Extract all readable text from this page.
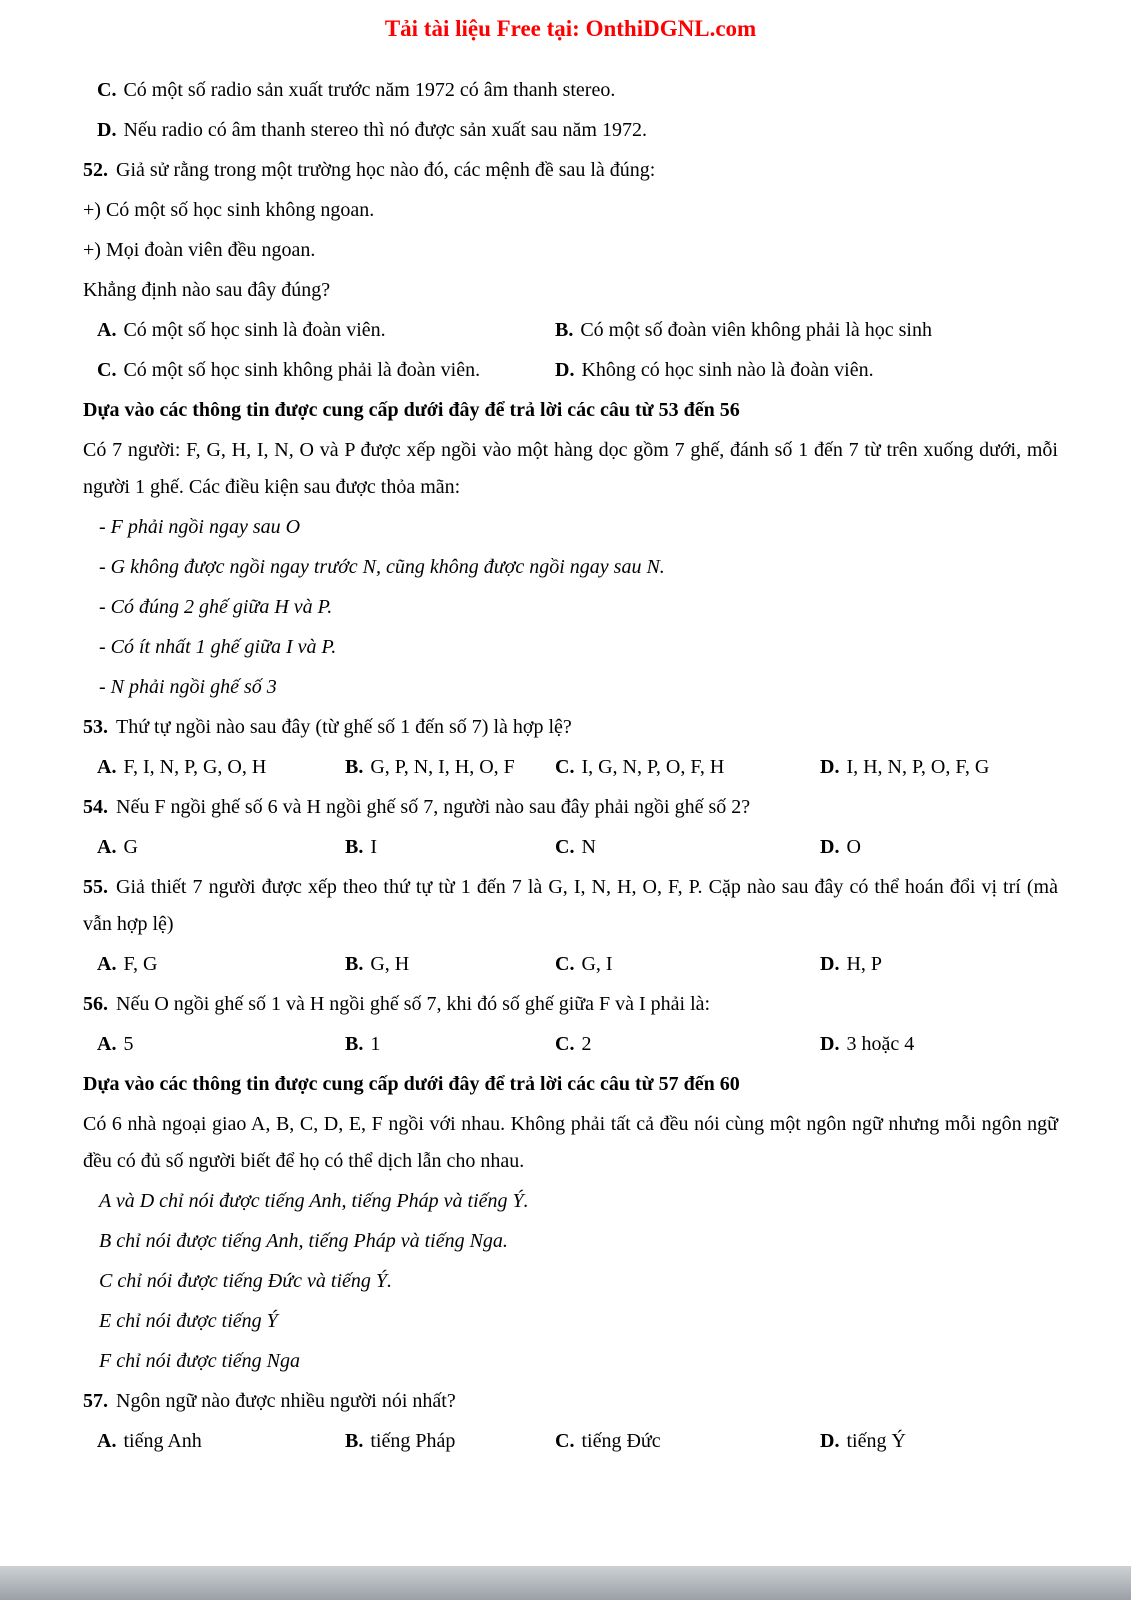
Tải tài liệu Free tại: OnthiDGNL.com
C. Có một số radio sản xuất trước năm 1972 có âm thanh stereo.
D. Nếu radio có âm thanh stereo thì nó được sản xuất sau năm 1972.
52. Giả sử rằng trong một trường học nào đó, các mệnh đề sau là đúng:
+) Có một số học sinh không ngoan.
+) Mọi đoàn viên đều ngoan.
Khẳng định nào sau đây đúng?
A. Có một số học sinh là đoàn viên.	B. Có một số đoàn viên không phải là học sinh
C. Có một số học sinh không phải là đoàn viên.	D. Không có học sinh nào là đoàn viên.
Dựa vào các thông tin được cung cấp dưới đây để trả lời các câu từ 53 đến 56
Có 7 người: F, G, H, I, N, O và P được xếp ngồi vào một hàng dọc gồm 7 ghế, đánh số 1 đến 7 từ trên xuống dưới, mỗi người 1 ghế. Các điều kiện sau được thỏa mãn:
- F phải ngồi ngay sau O
- G không được ngồi ngay trước N, cũng không được ngồi ngay sau N.
- Có đúng 2 ghế giữa H và P.
- Có ít nhất 1 ghế giữa I và P.
- N phải ngồi ghế số 3
53. Thứ tự ngồi nào sau đây (từ ghế số 1 đến số 7) là hợp lệ?
A. F, I, N, P, G, O, H	B. G, P, N, I, H, O, F	C. I, G, N, P, O, F, H	D. I, H, N, P, O, F, G
54. Nếu F ngồi ghế số 6 và H ngồi ghế số 7, người nào sau đây phải ngồi ghế số 2?
A. G	B. I	C. N	D. O
55. Giả thiết 7 người được xếp theo thứ tự từ 1 đến 7 là G, I, N, H, O, F, P. Cặp nào sau đây có thể hoán đổi vị trí (mà vẫn hợp lệ)
A. F, G	B. G, H	C. G, I	D. H, P
56. Nếu O ngồi ghế số 1 và H ngồi ghế số 7, khi đó số ghế giữa F và I phải là:
A. 5	B. 1	C. 2	D. 3 hoặc 4
Dựa vào các thông tin được cung cấp dưới đây để trả lời các câu từ 57 đến 60
Có 6 nhà ngoại giao A, B, C, D, E, F ngồi với nhau. Không phải tất cả đều nói cùng một ngôn ngữ nhưng mỗi ngôn ngữ đều có đủ số người biết để họ có thể dịch lẫn cho nhau.
A và D chỉ nói được tiếng Anh, tiếng Pháp và tiếng Ý.
B chỉ nói được tiếng Anh, tiếng Pháp và tiếng Nga.
C chỉ nói được tiếng Đức và tiếng Ý.
E chỉ nói được tiếng Ý
F chỉ nói được tiếng Nga
57. Ngôn ngữ nào được nhiều người nói nhất?
A. tiếng Anh	B. tiếng Pháp	C. tiếng Đức	D. tiếng Ý
